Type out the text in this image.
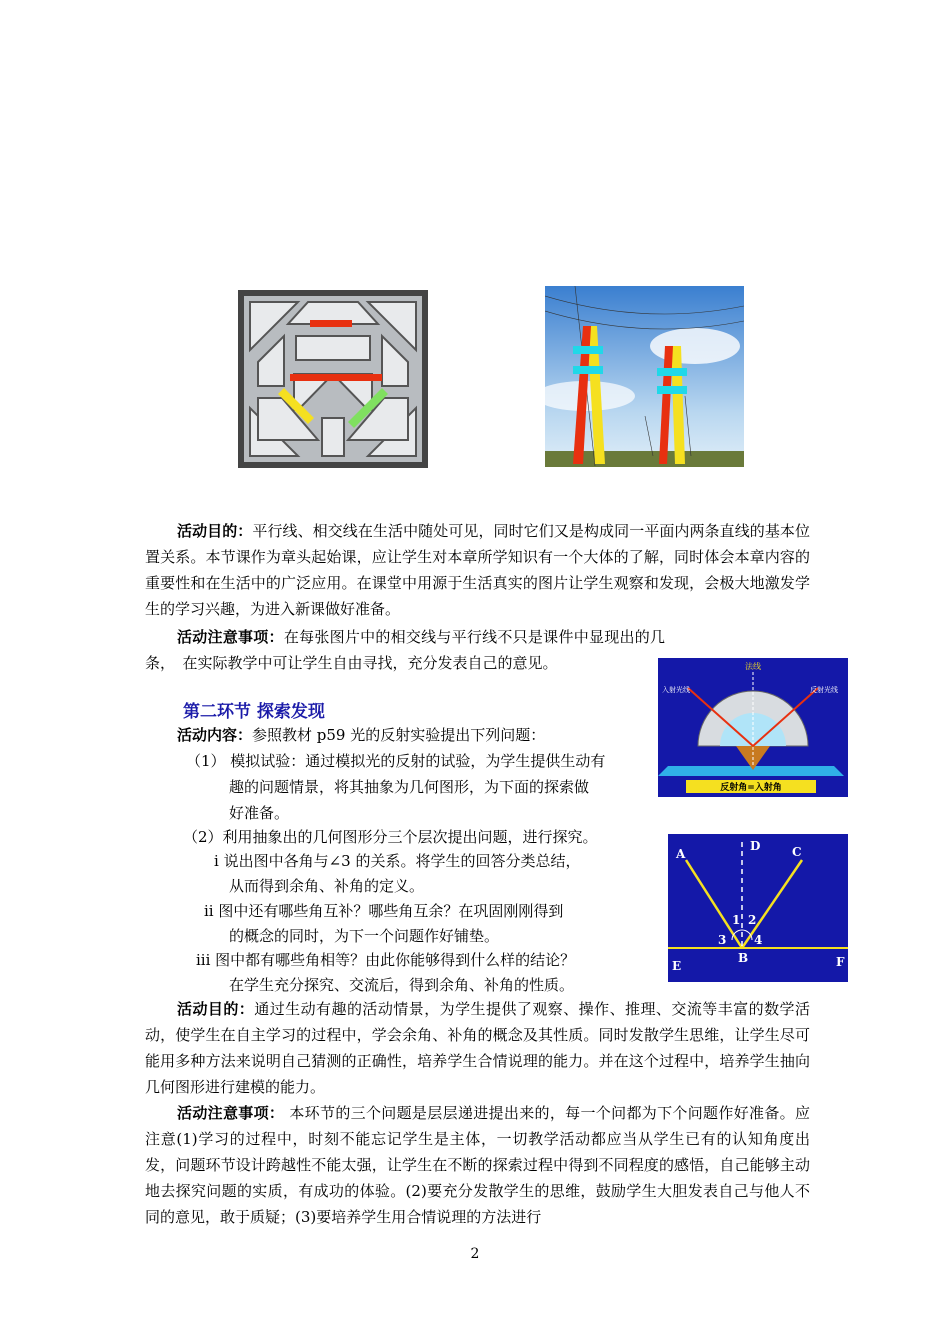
活动目的：平行线、相交线在生活中随处可见，同时它们又是构成同一平面内两条直线的基本位置关系。本节课作为章头起始课，应让学生对本章所学知识有一个大体的了解，同时体会本章内容的重要性和在生活中的广泛应用。在课堂中用源于生活真实的图片让学生观察和发现，会极大地激发学生的学习兴趣，为进入新课做好准备。
活动注意事项：在每张图片中的相交线与平行线不只是课件中显现出的几条，　在实际教学中可让学生自由寻找，充分发表自己的意见。	法线
入射光线	反射光线
反射角=入射角
第二环节 探索发现
活动内容：参照教材 p59 光的反射实验提出下列问题：
（1） 模拟试验：通过模拟光的反射的试验，为学生提供生动有
趣的问题情景，将其抽象为几何图形，为下面的探索做
好准备。
（2）利用抽象出的几何图形分三个层次提出问题，进行探究。
i 说出图中各角与∠3 的关系。将学生的回答分类总结，
从而得到余角、补角的定义。
ii 图中还有哪些角互补？哪些角互余？在巩固刚刚得到
的概念的同时，为下一个问题作好铺垫。
iii 图中都有哪些角相等？由此你能够得到什么样的结论？
在学生充分探究、交流后，得到余角、补角的性质。
A
D	C
B
E	F
1 2
3 4
活动目的：通过生动有趣的活动情景，为学生提供了观察、操作、推理、交流等丰富的数学活动，使学生在自主学习的过程中，学会余角、补角的概念及其性质。同时发散学生思维，让学生尽可能用多种方法来说明自己猜测的正确性，培养学生合情说理的能力。并在这个过程中，培养学生抽向几何图形进行建模的能力。
活动注意事项： 本环节的三个问题是层层递进提出来的，每一个问都为下个问题作好准备。应注意(1)学习的过程中，时刻不能忘记学生是主体，一切教学活动都应当从学生已有的认知角度出发，问题环节设计跨越性不能太强，让学生在不断的探索过程中得到不同程度的感悟，自己能够主动地去探究问题的实质，有成功的体验。(2)要充分发散学生的思维，鼓励学生大胆发表自己与他人不同的意见，敢于质疑；(3)要培养学生用合情说理的方法进行
2
